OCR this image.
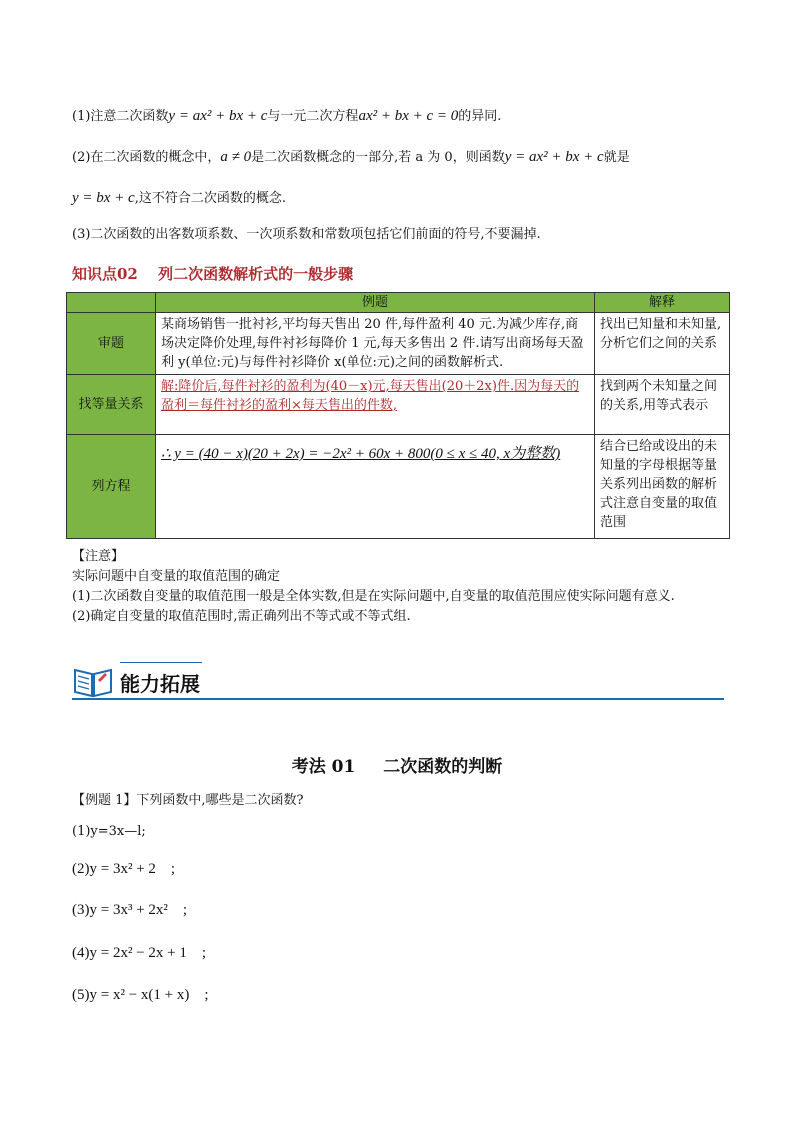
(1)注意二次函数y = ax² + bx + c与一元二次方程ax² + bx + c = 0的异同.
(2)在二次函数的概念中，a ≠ 0是二次函数概念的一部分,若 a 为 0，则函数y = ax² + bx + c就是
y = bx + c,这不符合二次函数的概念.
(3)二次函数的出客数项系数、一次项系数和常数项包括它们前面的符号,不要漏掉.
知识点02　 列二次函数解析式的一般步骤
	例题	解释
审题	某商场销售一批衬衫,平均每天售出 20 件,每件盈利 40 元.为减少库存,商场决定降价处理,每件衬衫每降价 1 元,每天多售出 2 件.请写出商场每天盈利 y(单位:元)与每件衬衫降价 x(单位:元)之间的函数解析式.	找出已知量和未知量,分析它们之间的关系
找等量关系	解:降价后,每件衬衫的盈利为(40－x)元,每天售出(20＋2x)件.因为每天的盈利＝每件衬衫的盈利×每天售出的件数,	找到两个未知量之间的关系,用等式表示
列方程	∴ y = (40 − x)(20 + 2x) = −2x² + 60x + 800(0 ≤ x ≤ 40, x为整数)	结合已给或设出的未知量的字母根据等量关系列出函数的解析式注意自变量的取值范围
【注意】
实际问题中自变量的取值范围的确定
(1)二次函数自变量的取值范围一般是全体实数,但是在实际问题中,自变量的取值范围应使实际问题有意义.
(2)确定自变量的取值范围时,需正确列出不等式或不等式组.
能力拓展
考法 01 二次函数的判断
【例题 1】下列函数中,哪些是二次函数?
(1)y=3x—l;
(2)y = 3x² + 2　;
(3)y = 3x³ + 2x²　;
(4)y = 2x² − 2x + 1　;
(5)y = x² − x(1 + x)　;
